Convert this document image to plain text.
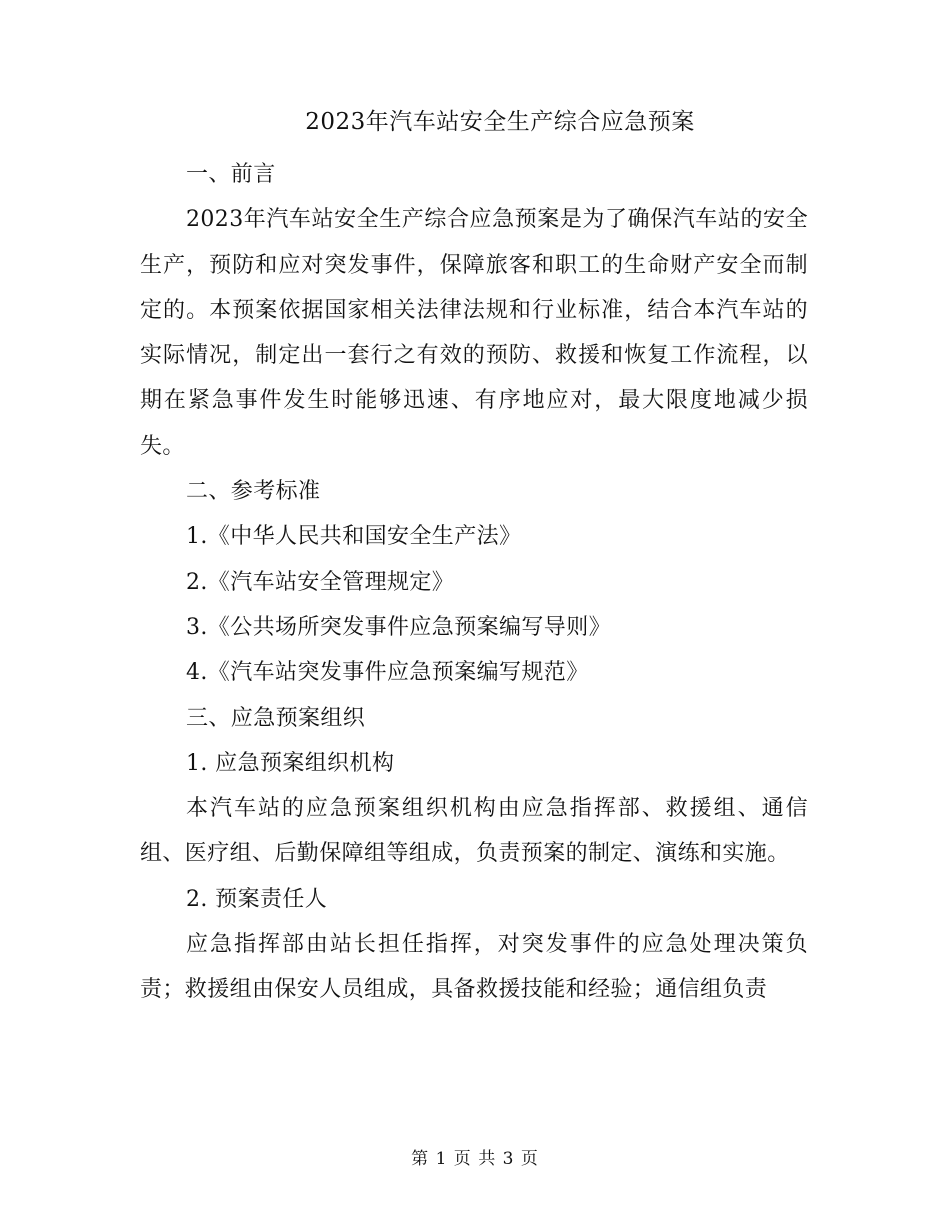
2023年汽车站安全生产综合应急预案

一、前言

2023年汽车站安全生产综合应急预案是为了确保汽车站的安全生产，预防和应对突发事件，保障旅客和职工的生命财产安全而制定的。本预案依据国家相关法律法规和行业标准，结合本汽车站的实际情况，制定出一套行之有效的预防、救援和恢复工作流程，以期在紧急事件发生时能够迅速、有序地应对，最大限度地减少损失。

二、参考标准

1.《中华人民共和国安全生产法》

2.《汽车站安全管理规定》

3.《公共场所突发事件应急预案编写导则》

4.《汽车站突发事件应急预案编写规范》

三、应急预案组织

1. 应急预案组织机构

本汽车站的应急预案组织机构由应急指挥部、救援组、通信组、医疗组、后勤保障组等组成，负责预案的制定、演练和实施。

2. 预案责任人

应急指挥部由站长担任指挥，对突发事件的应急处理决策负责；救援组由保安人员组成，具备救援技能和经验；通信组负责

第 1 页 共 3 页
